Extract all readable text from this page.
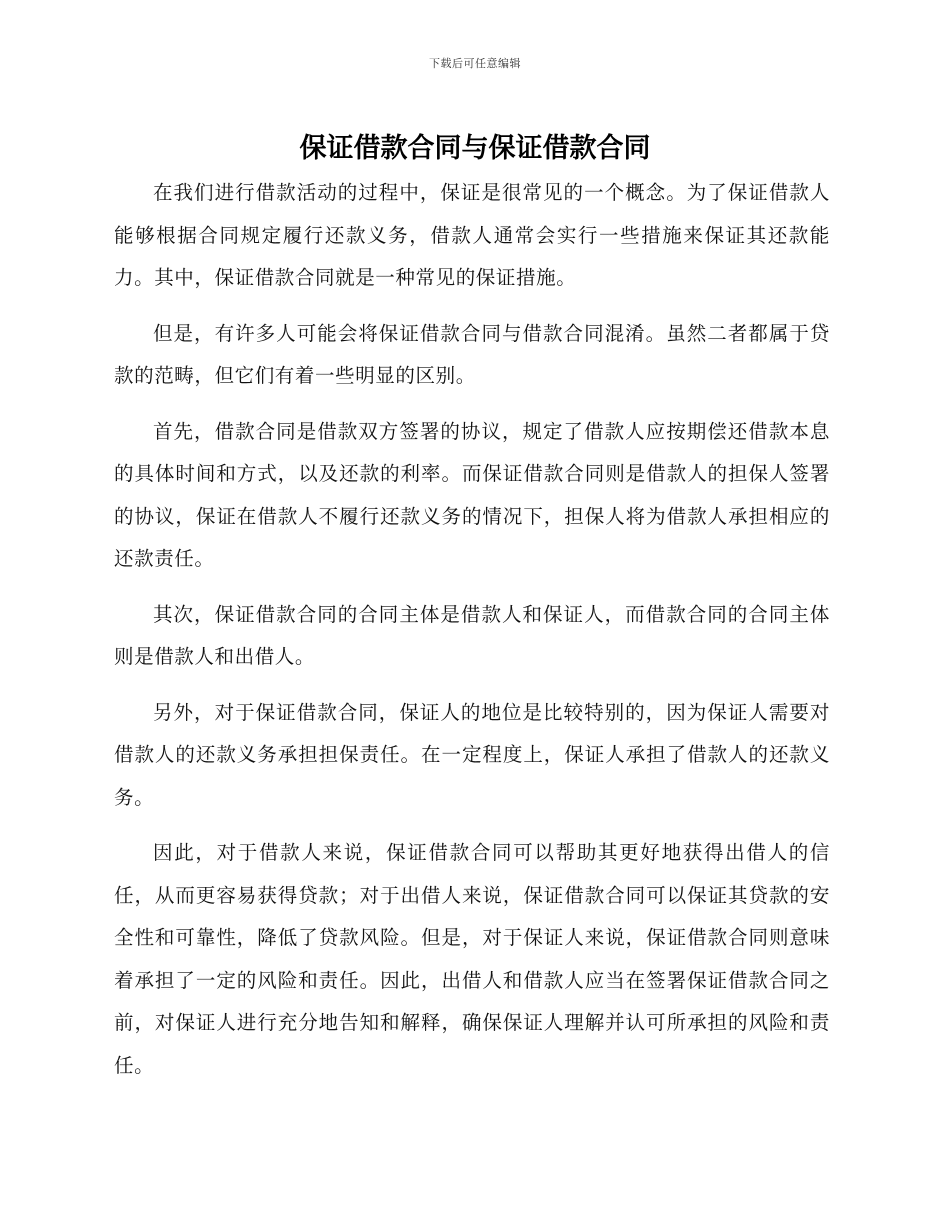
下载后可任意编辑
保证借款合同与保证借款合同

在我们进行借款活动的过程中，保证是很常见的一个概念。为了保证借款人能够根据合同规定履行还款义务，借款人通常会实行一些措施来保证其还款能力。其中，保证借款合同就是一种常见的保证措施。

但是，有许多人可能会将保证借款合同与借款合同混淆。虽然二者都属于贷款的范畴，但它们有着一些明显的区别。

首先，借款合同是借款双方签署的协议，规定了借款人应按期偿还借款本息的具体时间和方式，以及还款的利率。而保证借款合同则是借款人的担保人签署的协议，保证在借款人不履行还款义务的情况下，担保人将为借款人承担相应的还款责任。

其次，保证借款合同的合同主体是借款人和保证人，而借款合同的合同主体则是借款人和出借人。

另外，对于保证借款合同，保证人的地位是比较特别的，因为保证人需要对借款人的还款义务承担担保责任。在一定程度上，保证人承担了借款人的还款义务。

因此，对于借款人来说，保证借款合同可以帮助其更好地获得出借人的信任，从而更容易获得贷款；对于出借人来说，保证借款合同可以保证其贷款的安全性和可靠性，降低了贷款风险。但是，对于保证人来说，保证借款合同则意味着承担了一定的风险和责任。因此，出借人和借款人应当在签署保证借款合同之前，对保证人进行充分地告知和解释，确保保证人理解并认可所承担的风险和责任。
